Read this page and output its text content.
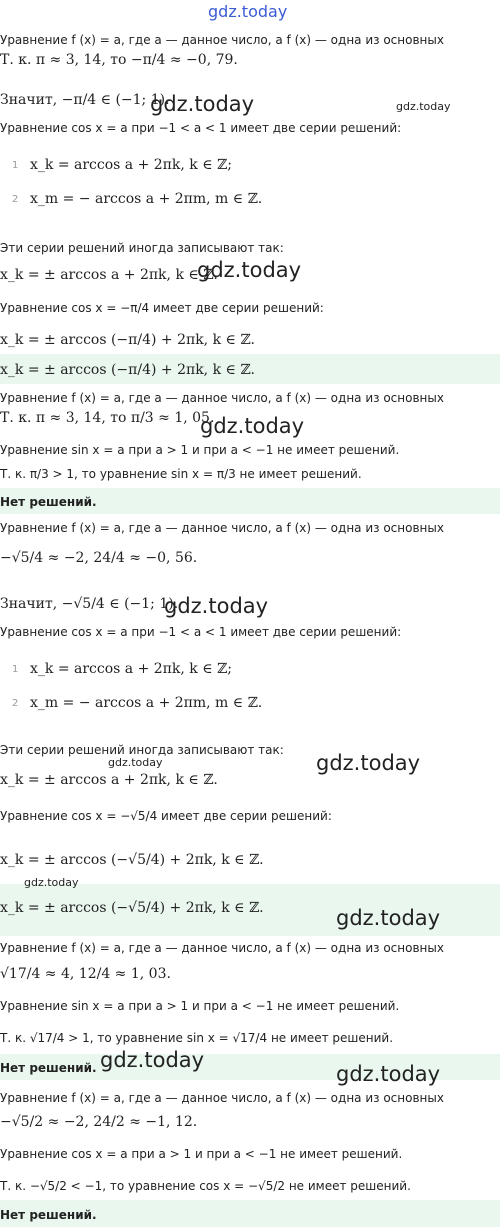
gdz.today
Уравнение f (x) = a, где a — данное число, а f (x) — одна из основных
Т. к. π ≈ 3, 14, то −π/4 ≈ −0, 79.
Значит, −π/4 ∈ (−1; 1).
Уравнение cos x = a при −1 < a < 1 имеет две серии решений:
1 x_k = arccos a + 2πk, k ∈ ℤ;
2 x_m = − arccos a + 2πm, m ∈ ℤ.
Эти серии решений иногда записывают так:
x_k = ± arccos a + 2πk, k ∈ ℤ.
Уравнение cos x = −π/4 имеет две серии решений:
x_k = ± arccos (−π/4) + 2πk, k ∈ ℤ.
x_k = ± arccos (−π/4) + 2πk, k ∈ ℤ.
Уравнение f (x) = a, где a — данное число, а f (x) — одна из основных
Т. к. π ≈ 3, 14, то π/3 ≈ 1, 05.
Уравнение sin x = a при a > 1 и при a < −1 не имеет решений.
Т. к. π/3 > 1, то уравнение sin x = π/3 не имеет решений.
Нет решений.
Уравнение f (x) = a, где a — данное число, а f (x) — одна из основных
−√5/4 ≈ −2, 24/4 ≈ −0, 56.
Значит, −√5/4 ∈ (−1; 1).
Уравнение cos x = a при −1 < a < 1 имеет две серии решений:
1 x_k = arccos a + 2πk, k ∈ ℤ;
2 x_m = − arccos a + 2πm, m ∈ ℤ.
Эти серии решений иногда записывают так:
x_k = ± arccos a + 2πk, k ∈ ℤ.
Уравнение cos x = −√5/4 имеет две серии решений:
x_k = ± arccos (−√5/4) + 2πk, k ∈ ℤ.
x_k = ± arccos (−√5/4) + 2πk, k ∈ ℤ.
Уравнение f (x) = a, где a — данное число, а f (x) — одна из основных
√17/4 ≈ 4, 12/4 ≈ 1, 03.
Уравнение sin x = a при a > 1 и при a < −1 не имеет решений.
Т. к. √17/4 > 1, то уравнение sin x = √17/4 не имеет решений.
Нет решений.
Уравнение f (x) = a, где a — данное число, а f (x) — одна из основных
−√5/2 ≈ −2, 24/2 ≈ −1, 12.
Уравнение cos x = a при a > 1 и при a < −1 не имеет решений.
Т. к. −√5/2 < −1, то уравнение cos x = −√5/2 не имеет решений.
Нет решений.
gdz.today	gdz.today
gdz.today
gdz.today
gdz.today
gdz.today	gdz.today
gdz.today
gdz.today
gdz.today
gdz.today
